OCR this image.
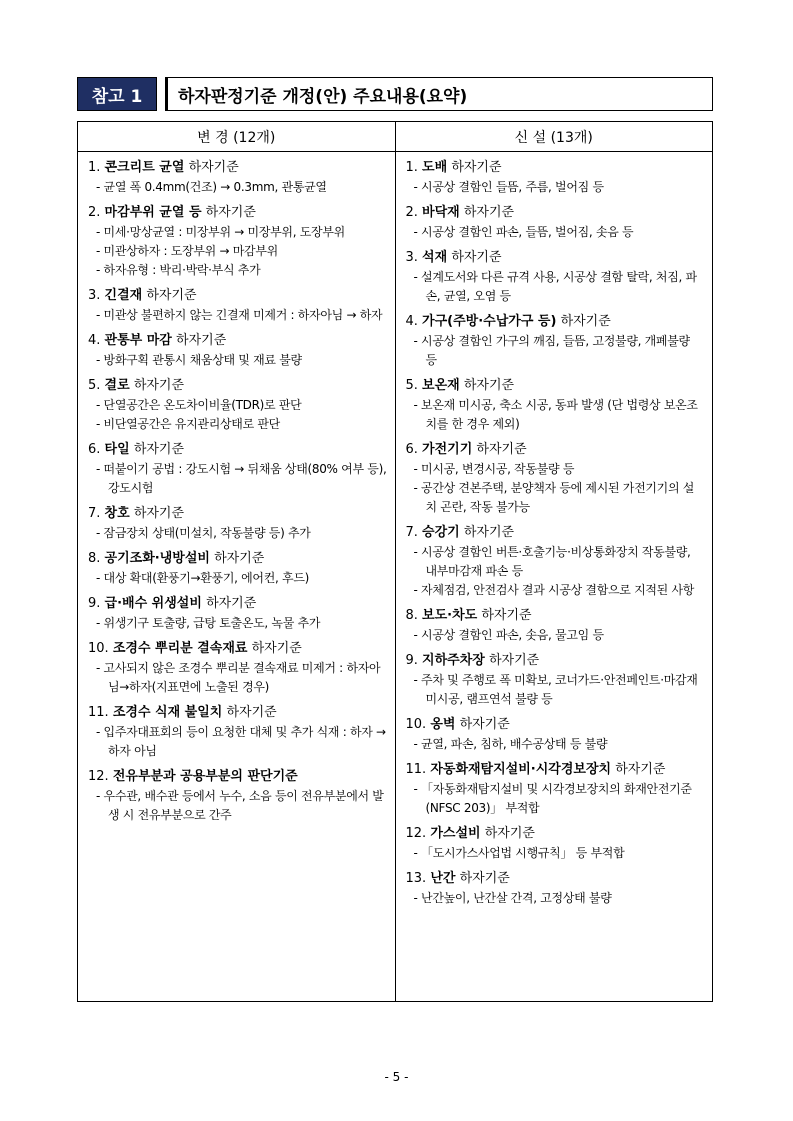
참고 1	하자판정기준 개정(안) 주요내용(요약)
변 경 (12개)	신 설 (13개)
1. 콘크리트 균열 하자기준
- 균열 폭 0.4mm(건조) → 0.3mm, 관통균열
2. 마감부위 균열 등 하자기준
- 미세·망상균열 : 미장부위 → 미장부위, 도장부위
- 미관상하자 : 도장부위 → 마감부위
- 하자유형 : 박리·박락·부식 추가
3. 긴결재 하자기준
- 미관상 불편하지 않는 긴결재 미제거 : 하자아님 → 하자
4. 관통부 마감 하자기준
- 방화구획 관통시 채움상태 및 재료 불량
5. 결로 하자기준
- 단열공간은 온도차이비율(TDR)로 판단
- 비단열공간은 유지관리상태로 판단
6. 타일 하자기준
- 떠붙이기 공법 : 강도시험 → 뒤채움 상태(80% 여부 등), 강도시험
7. 창호 하자기준
- 잠금장치 상태(미설치, 작동불량 등) 추가
8. 공기조화·냉방설비 하자기준
- 대상 확대(환풍기→환풍기, 에어컨, 후드)
9. 급·배수 위생설비 하자기준
- 위생기구 토출량, 급탕 토출온도, 녹물 추가
10. 조경수 뿌리분 결속재료 하자기준
- 고사되지 않은 조경수 뿌리분 결속재료 미제거 : 하자아님→하자(지표면에 노출된 경우)
11. 조경수 식재 불일치 하자기준
- 입주자대표회의 등이 요청한 대체 및 추가 식재 : 하자 → 하자 아님
12. 전유부분과 공용부분의 판단기준
- 우수관, 배수관 등에서 누수, 소음 등이 전유부분에서 발생 시 전유부분으로 간주
1. 도배 하자기준
- 시공상 결함인 들뜸, 주름, 벌어짐 등
2. 바닥재 하자기준
- 시공상 결함인 파손, 들뜸, 벌어짐, 솟음 등
3. 석재 하자기준
- 설계도서와 다른 규격 사용, 시공상 결함 탈락, 처짐, 파손, 균열, 오염 등
4. 가구(주방·수납가구 등) 하자기준
- 시공상 결함인 가구의 깨짐, 들뜸, 고정불량, 개폐불량 등
5. 보온재 하자기준
- 보온재 미시공, 축소 시공, 동파 발생 (단 법령상 보온조치를 한 경우 제외)
6. 가전기기 하자기준
- 미시공, 변경시공, 작동불량 등
- 공간상 견본주택, 분양책자 등에 제시된 가전기기의 설치 곤란, 작동 불가능
7. 승강기 하자기준
- 시공상 결함인 버튼·호출기능·비상통화장치 작동불량, 내부마감재 파손 등
- 자체점검, 안전검사 결과 시공상 결함으로 지적된 사항
8. 보도·차도 하자기준
- 시공상 결함인 파손, 솟음, 물고임 등
9. 지하주차장 하자기준
- 주차 및 주행로 폭 미확보, 코너가드·안전페인트·마감재 미시공, 램프연석 불량 등
10. 옹벽 하자기준
- 균열, 파손, 침하, 배수공상태 등 불량
11. 자동화재탐지설비·시각경보장치 하자기준
- 「자동화재탐지설비 및 시각경보장치의 화재안전기준(NFSC 203)」 부적합
12. 가스설비 하자기준
- 「도시가스사업법 시행규칙」 등 부적합
13. 난간 하자기준
- 난간높이, 난간살 간격, 고정상태 불량
- 5 -
